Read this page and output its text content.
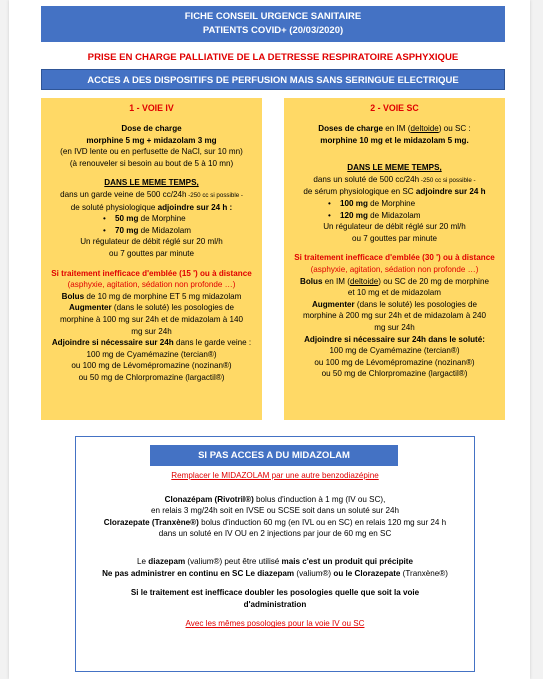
FICHE CONSEIL URGENCE SANITAIRE
PATIENTS COVID+ (20/03/2020)
PRISE EN CHARGE PALLIATIVE DE LA DETRESSE RESPIRATOIRE ASPHYXIQUE
ACCES A DES DISPOSITIFS DE PERFUSION MAIS SANS SERINGUE ELECTRIQUE
1 - VOIE IV
Dose de charge
morphine 5 mg + midazolam 3 mg
(en IVD lente ou en perfusette de NaCl, sur 10 mn)
(à renouveler si besoin au bout de 5 à 10 mn)
DANS LE MEME TEMPS,
dans un garde veine de 500 cc/24h -250 cc si possible -
de soluté physiologique adjoindre sur 24 h :
• 50 mg de Morphine
• 70 mg de Midazolam
Un régulateur de débit réglé sur 20 ml/h
ou 7 gouttes par minute
Si traitement inefficace d'emblée (15 ') ou à distance
(asphyxie, agitation, sédation non profonde …)
Bolus de 10 mg de morphine ET 5 mg midazolam
Augmenter (dans le soluté) les posologies de
morphine à 100 mg sur 24h et de midazolam à 140
mg sur 24h
Adjoindre si nécessaire sur 24h dans le garde veine :
100 mg de Cyamémazine (tercian®)
ou 100 mg de Lévomépromazine (nozinan®)
ou 50 mg de Chlorpromazine (largactil®)
2 - VOIE SC
Doses de charge en IM (deltoide) ou SC :
morphine 10 mg et le midazolam 5 mg.
DANS LE MEME TEMPS,
dans un soluté de 500 cc/24h -250 cc si possible -
de sérum physiologique en SC adjoindre sur 24 h
• 100 mg de Morphine
• 120 mg de Midazolam
Un régulateur de débit réglé sur 20 ml/h
ou 7 gouttes par minute
Si traitement inefficace d'emblée (30 ') ou à distance
(asphyxie, agitation, sédation non profonde …)
Bolus en IM (deltoide) ou SC de 20 mg de morphine
et 10 mg et de midazolam
Augmenter (dans le soluté) les posologies de
morphine à 200 mg sur 24h et de midazolam à 240
mg sur 24h
Adjoindre si nécessaire sur 24h dans le soluté:
100 mg de Cyamémazine (tercian®)
ou 100 mg de Lévomépromazine (nozinan®)
ou 50 mg de Chlorpromazine (largactil®)
SI PAS ACCES A DU MIDAZOLAM
Remplacer le MIDAZOLAM par une autre benzodiazépine
Clonazépam (Rivotril®) bolus d'induction à 1 mg (IV ou SC),
en relais 3 mg/24h soit en IVSE ou SCSE soit dans un soluté sur 24h
Clorazepate (Tranxène®) bolus d'induction 60 mg (en IVL ou en SC) en relais 120 mg sur 24 h
dans un soluté en IV OU en 2 injections par jour de 60 mg en SC
Le diazepam (valium®) peut être utilisé mais c'est un produit qui précipite
Ne pas administrer en continu en SC Le diazepam (valium®) ou le Clorazepate (Tranxène®)
Si le traitement est inefficace doubler les posologies quelle que soit la voie
d'administration
Avec les mêmes posologies pour la voie IV ou SC
